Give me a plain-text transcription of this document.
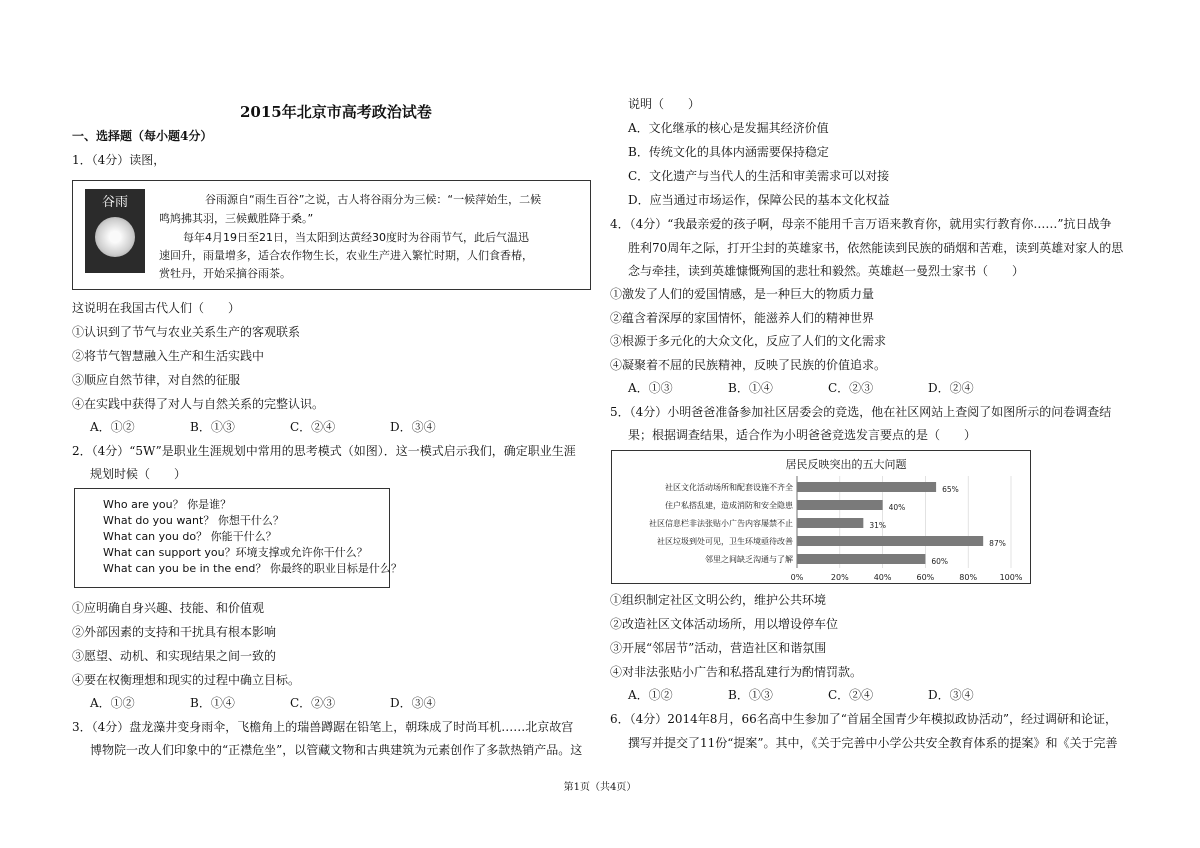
2015年北京市高考政治试卷
一、选择题（每小题4分）
1．（4分）读图，
谷雨	谷雨源自“雨生百谷”之说，古人将谷雨分为三候：“一候萍始生，二候
鸣鸠拂其羽，三候戴胜降于桑。”
每年4月19日至21日，当太阳到达黄经30度时为谷雨节气，此后气温迅
速回升，雨量增多，适合农作物生长，农业生产进入繁忙时期，人们食香椿，
赏牡丹，开始采摘谷雨茶。
这说明在我国古代人们（　　）
①认识到了节气与农业关系生产的客观联系
②将节气智慧融入生产和生活实践中
③顺应自然节律，对自然的征服
④在实践中获得了对人与自然关系的完整认识。
A．①②	B．①③	C．②④	D．③④
2．（4分）“5W”是职业生涯规划中常用的思考模式（如图）．这一模式启示我们，确定职业生涯
规划时候（　　）
Who are you？ 你是谁？
What do you want？ 你想干什么？
What can you do？ 你能干什么？
What can support you？环境支撑或允许你干什么？
What can you be in the end？ 你最终的职业目标是什么？
①应明确自身兴趣、技能、和价值观
②外部因素的支持和干扰具有根本影响
③愿望、动机、和实现结果之间一致的
④要在权衡理想和现实的过程中确立目标。
A．①②	B．①④	C．②③	D．③④
3．（4分）盘龙藻井变身雨伞，飞檐角上的瑞兽蹲踞在铅笔上，朝珠成了时尚耳机……北京故宫
博物院一改人们印象中的“正襟危坐”，以管藏文物和古典建筑为元素创作了多款热销产品。这
说明（　　）
A．文化继承的核心是发掘其经济价值
B．传统文化的具体内涵需要保持稳定
C．文化遗产与当代人的生活和审美需求可以对接
D．应当通过市场运作，保障公民的基本文化权益
4．（4分）“我最亲爱的孩子啊，母亲不能用千言万语来教育你，就用实行教育你……”抗日战争
胜利70周年之际，打开尘封的英雄家书，依然能读到民族的硝烟和苦难，读到英雄对家人的思
念与牵挂，读到英雄慷慨殉国的悲壮和毅然。英雄赵一曼烈士家书（　　）
①激发了人们的爱国情感，是一种巨大的物质力量
②蕴含着深厚的家国情怀，能滋养人们的精神世界
③根源于多元化的大众文化，反应了人们的文化需求
④凝聚着不屈的民族精神，反映了民族的价值追求。
A．①③	B．①④	C．②③	D．②④
5．（4分）小明爸爸准备参加社区居委会的竞选，他在社区网站上查阅了如图所示的问卷调查结
果；根据调查结果，适合作为小明爸爸竞选发言要点的是（　　）
居民反映突出的五大问题
社区文化活动场所和配套设施不齐全
住户私搭乱建，造成消防和安全隐患
社区信息栏非法张贴小广告内容屡禁不止
社区垃圾到处可见，卫生环境亟待改善
邻里之间缺乏沟通与了解
65%
40%
31%
87%
60%
0%	20%	40%	60%	80%	100%
①组织制定社区文明公约，维护公共环境
②改造社区文体活动场所，用以增设停车位
③开展“邻居节”活动，营造社区和谐氛围
④对非法张贴小广告和私搭乱建行为酌情罚款。
A．①②	B．①③	C．②④	D．③④
6．（4分）2014年8月，66名高中生参加了“首届全国青少年模拟政协活动”，经过调研和论证，
撰写并提交了11份“提案”。其中，《关于完善中小学公共安全教育体系的提案》和《关于完善
第1页（共4页）
